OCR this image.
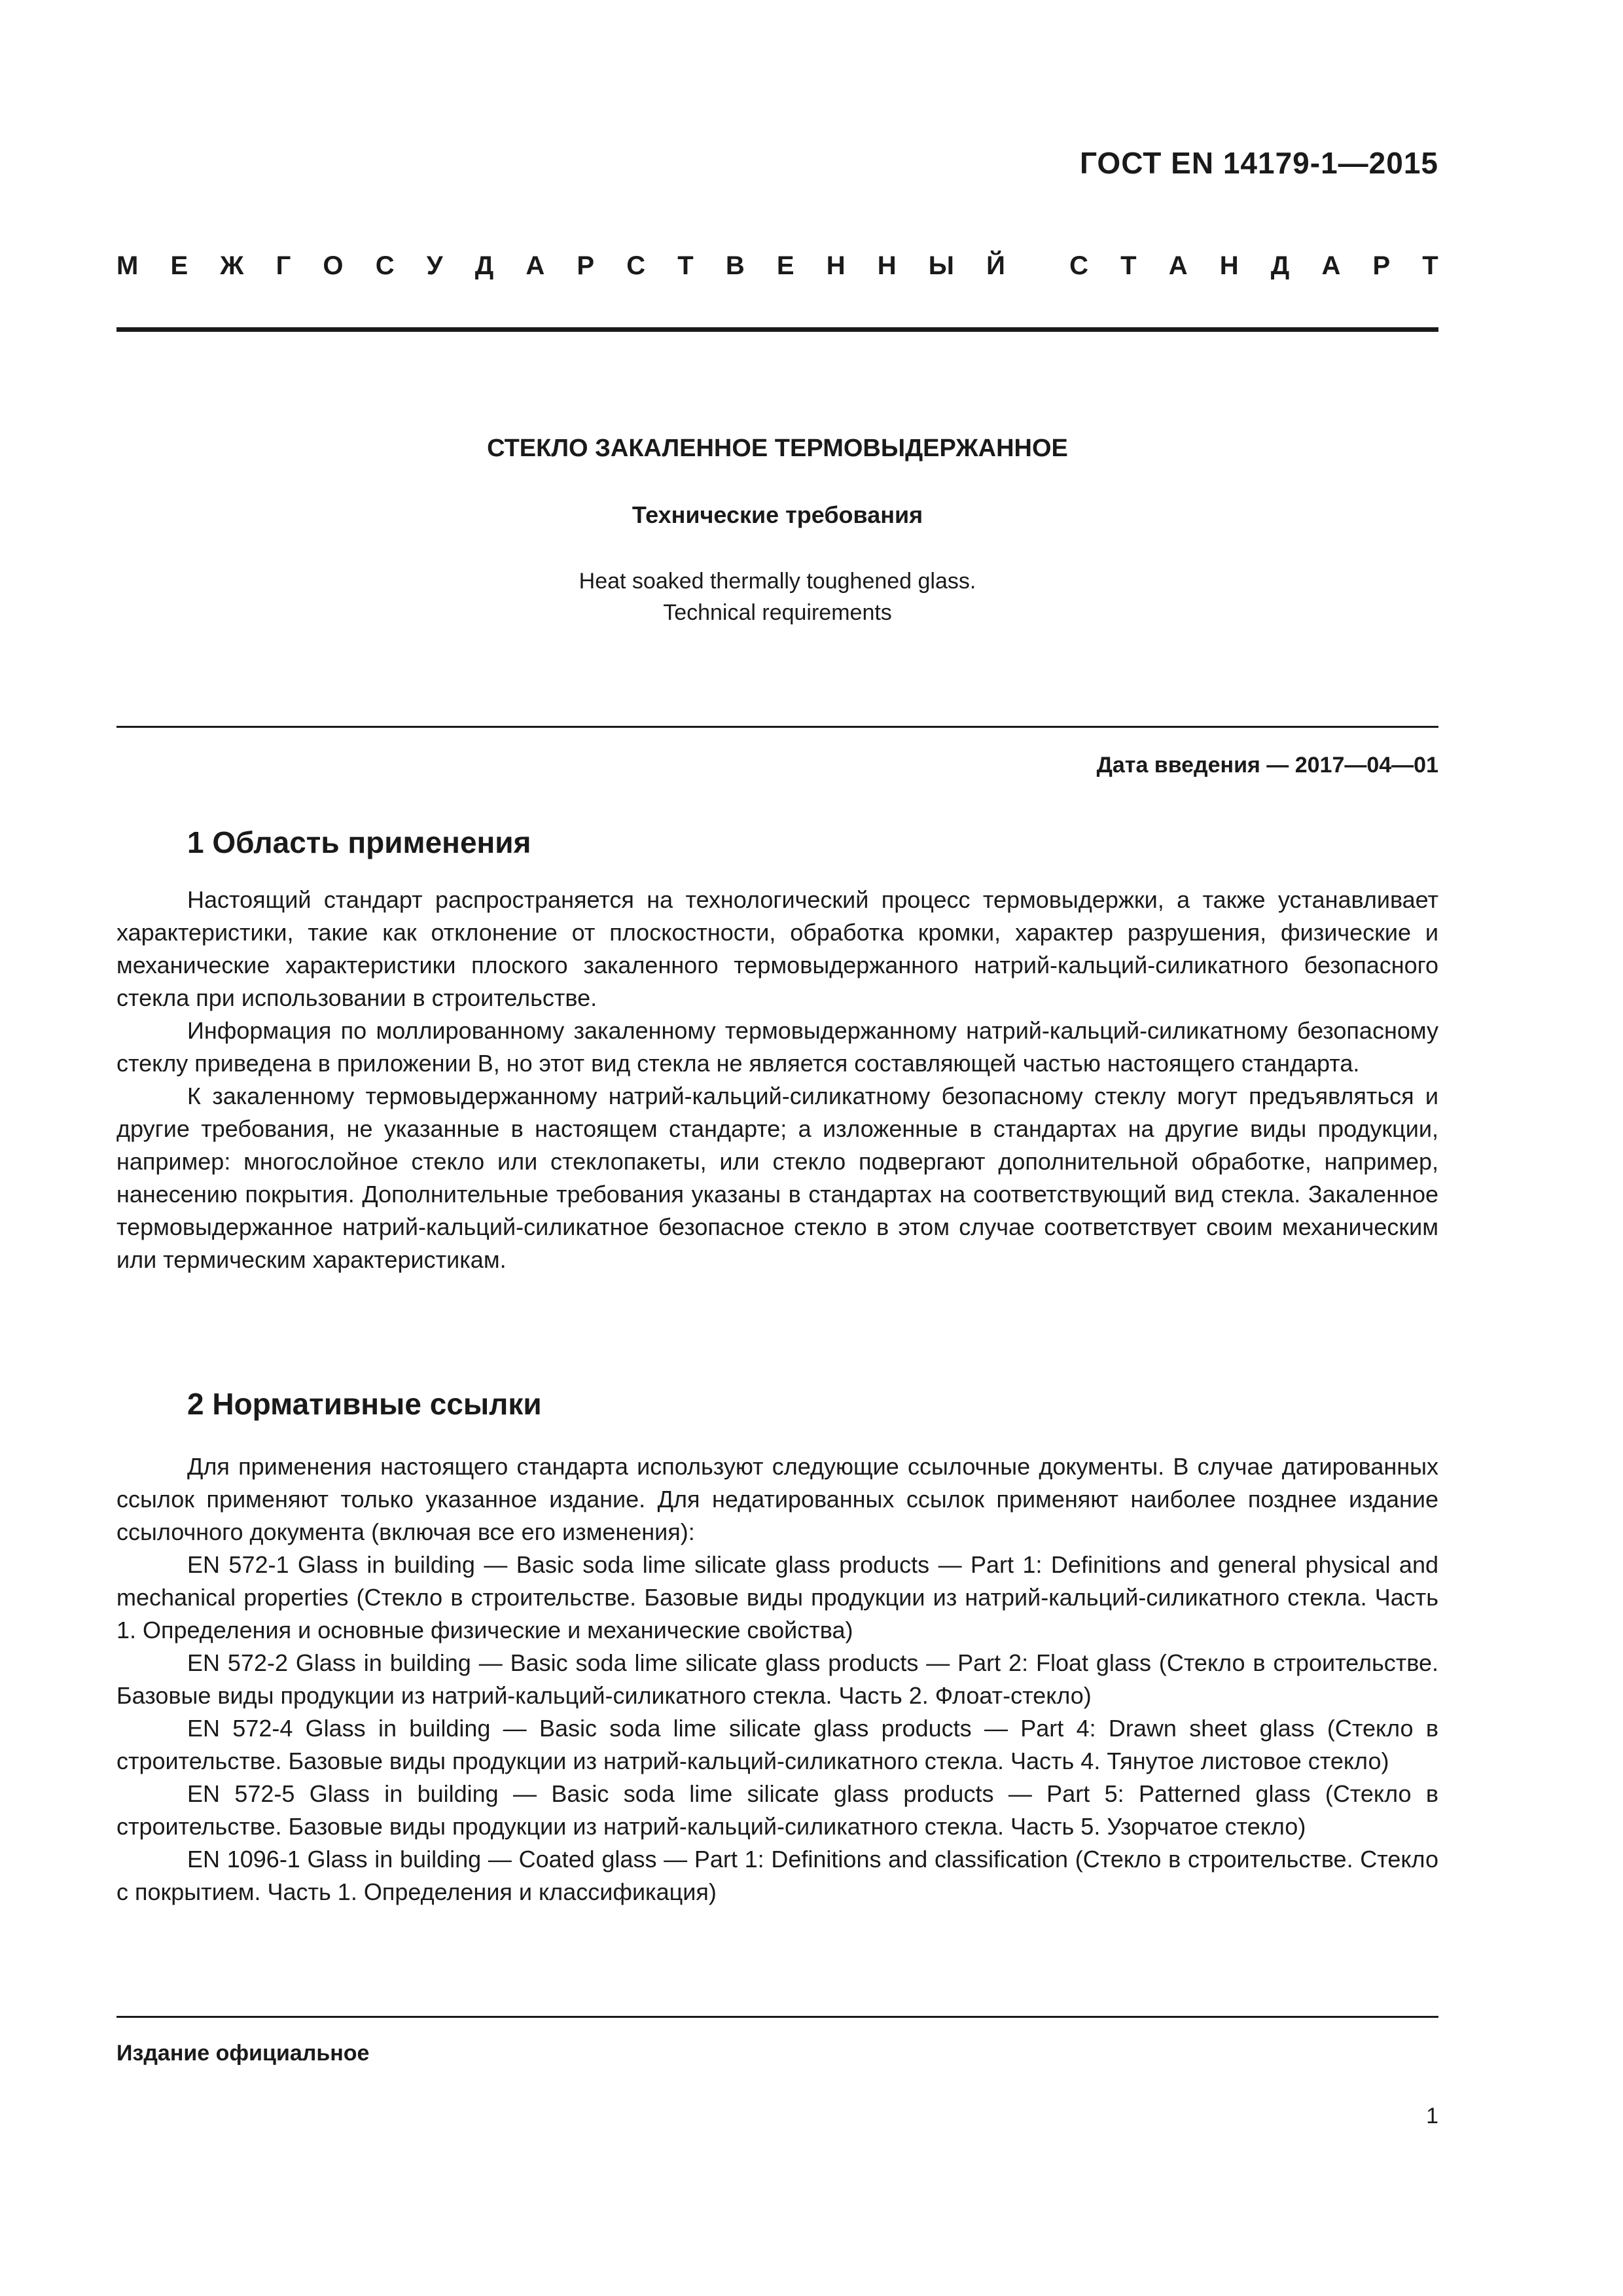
ГОСТ EN 14179-1—2015
М Е Ж Г О С У Д А Р С Т В Е Н Н Ы Й С Т А Н Д А Р Т
СТЕКЛО ЗАКАЛЕННОЕ ТЕРМОВЫДЕРЖАННОЕ
Технические требования
Heat soaked thermally toughened glass.
Technical requirements
Дата введения — 2017—04—01
1 Область применения

Настоящий стандарт распространяется на технологический процесс термовыдержки, а также устанавливает характеристики, такие как отклонение от плоскостности, обработка кромки, характер разрушения, физические и механические характеристики плоского закаленного термовыдержанного натрий-кальций-силикатного безопасного стекла при использовании в строительстве.

Информация по моллированному закаленному термовыдержанному натрий-кальций-силикатному безопасному стеклу приведена в приложении В, но этот вид стекла не является составляющей частью настоящего стандарта.

К закаленному термовыдержанному натрий-кальций-силикатному безопасному стеклу могут предъявляться и другие требования, не указанные в настоящем стандарте; а изложенные в стандартах на другие виды продукции, например: многослойное стекло или стеклопакеты, или стекло подвергают дополнительной обработке, например, нанесению покрытия. Дополнительные требования указаны в стандартах на соответствующий вид стекла. Закаленное термовыдержанное натрий-кальций-силикатное безопасное стекло в этом случае соответствует своим механическим или термическим характеристикам.

2 Нормативные ссылки

Для применения настоящего стандарта используют следующие ссылочные документы. В случае датированных ссылок применяют только указанное издание. Для недатированных ссылок применяют наиболее позднее издание ссылочного документа (включая все его изменения):

EN 572-1 Glass in building — Basic soda lime silicate glass products — Part 1: Definitions and general physical and mechanical properties (Стекло в строительстве. Базовые виды продукции из натрий-кальций-силикатного стекла. Часть 1. Определения и основные физические и механические свойства)

EN 572-2 Glass in building — Basic soda lime silicate glass products — Part 2: Float glass (Стекло в строительстве. Базовые виды продукции из натрий-кальций-силикатного стекла. Часть 2. Флоат-стекло)

EN 572-4 Glass in building — Basic soda lime silicate glass products — Part 4: Drawn sheet glass (Стекло в строительстве. Базовые виды продукции из натрий-кальций-силикатного стекла. Часть 4. Тянутое листовое стекло)

EN 572-5 Glass in building — Basic soda lime silicate glass products — Part 5: Patterned glass (Стекло в строительстве. Базовые виды продукции из натрий-кальций-силикатного стекла. Часть 5. Узорчатое стекло)

EN 1096-1 Glass in building — Coated glass — Part 1: Definitions and classification (Стекло в строительстве. Стекло с покрытием. Часть 1. Определения и классификация)

Издание официальное
1
